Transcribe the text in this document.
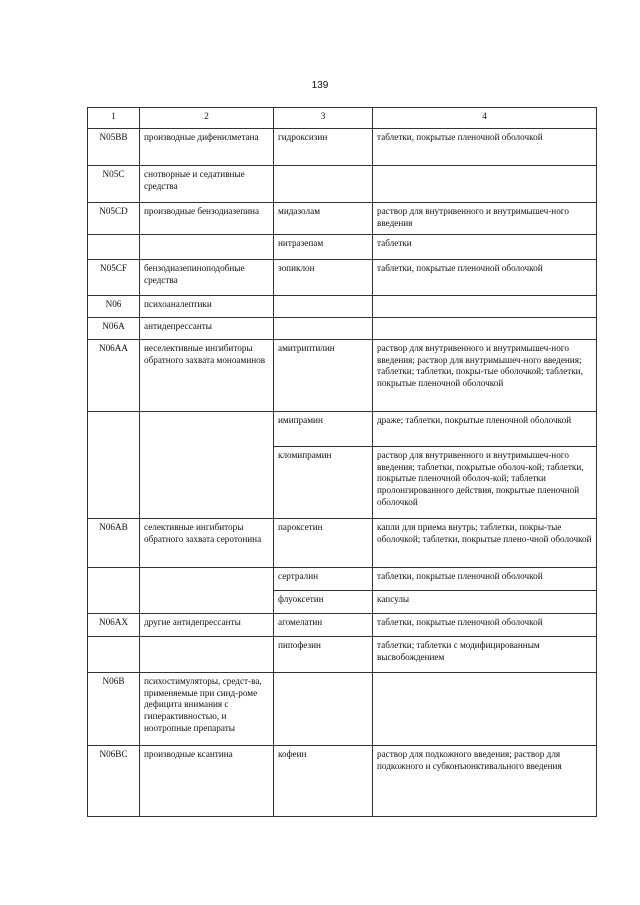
139
1	2	3	4
N05BB	производные дифенилметана	гидроксизин	таблетки, покрытые пленочной оболочкой
N05C	снотворные и седативные средства		
N05CD	производные бензодиазепина	мидазолам	раствор для внутривенного и внутримышеч-ного введения
		нитразепам	таблетки
N05CF	бензодиазепиноподобные средства	зопиклон	таблетки, покрытые пленочной оболочкой
N06	психоаналептики		
N06A	антидепрессанты		
N06AA	неселективные ингибиторы обратного захвата моноаминов	амитриптилин	раствор для внутривенного и внутримышеч-ного введения; раствор для внутримышеч-ного введения; таблетки; таблетки, покры-тые оболочкой; таблетки, покрытые пленочной оболочкой
		имипрамин	драже; таблетки, покрытые пленочной оболочкой
		кломипрамин	раствор для внутривенного и внутримышеч-ного введения; таблетки, покрытые оболоч-кой; таблетки, покрытые пленочной оболоч-кой; таблетки пролонгированного действия, покрытые пленочной оболочкой
N06AB	селективные ингибиторы обратного захвата серотонина	пароксетин	капли для приема внутрь; таблетки, покры-тые оболочкой; таблетки, покрытые плено-чной оболочкой
		сертралин	таблетки, покрытые пленочной оболочкой
		флуоксетин	капсулы
N06AX	другие антидепрессанты	агомелатин	таблетки, покрытые пленочной оболочкой
		пипофезин	таблетки; таблетки с модифицированным высвобождением
N06B	психостимуляторы, средст-ва, применяемые при синд-роме дефицита внимания с гиперактивностью, и ноотропные препараты		
N06BC	производные ксантина	кофеин	раствор для подкожного введения; раствор для подкожного и субконъюнктивального введения
